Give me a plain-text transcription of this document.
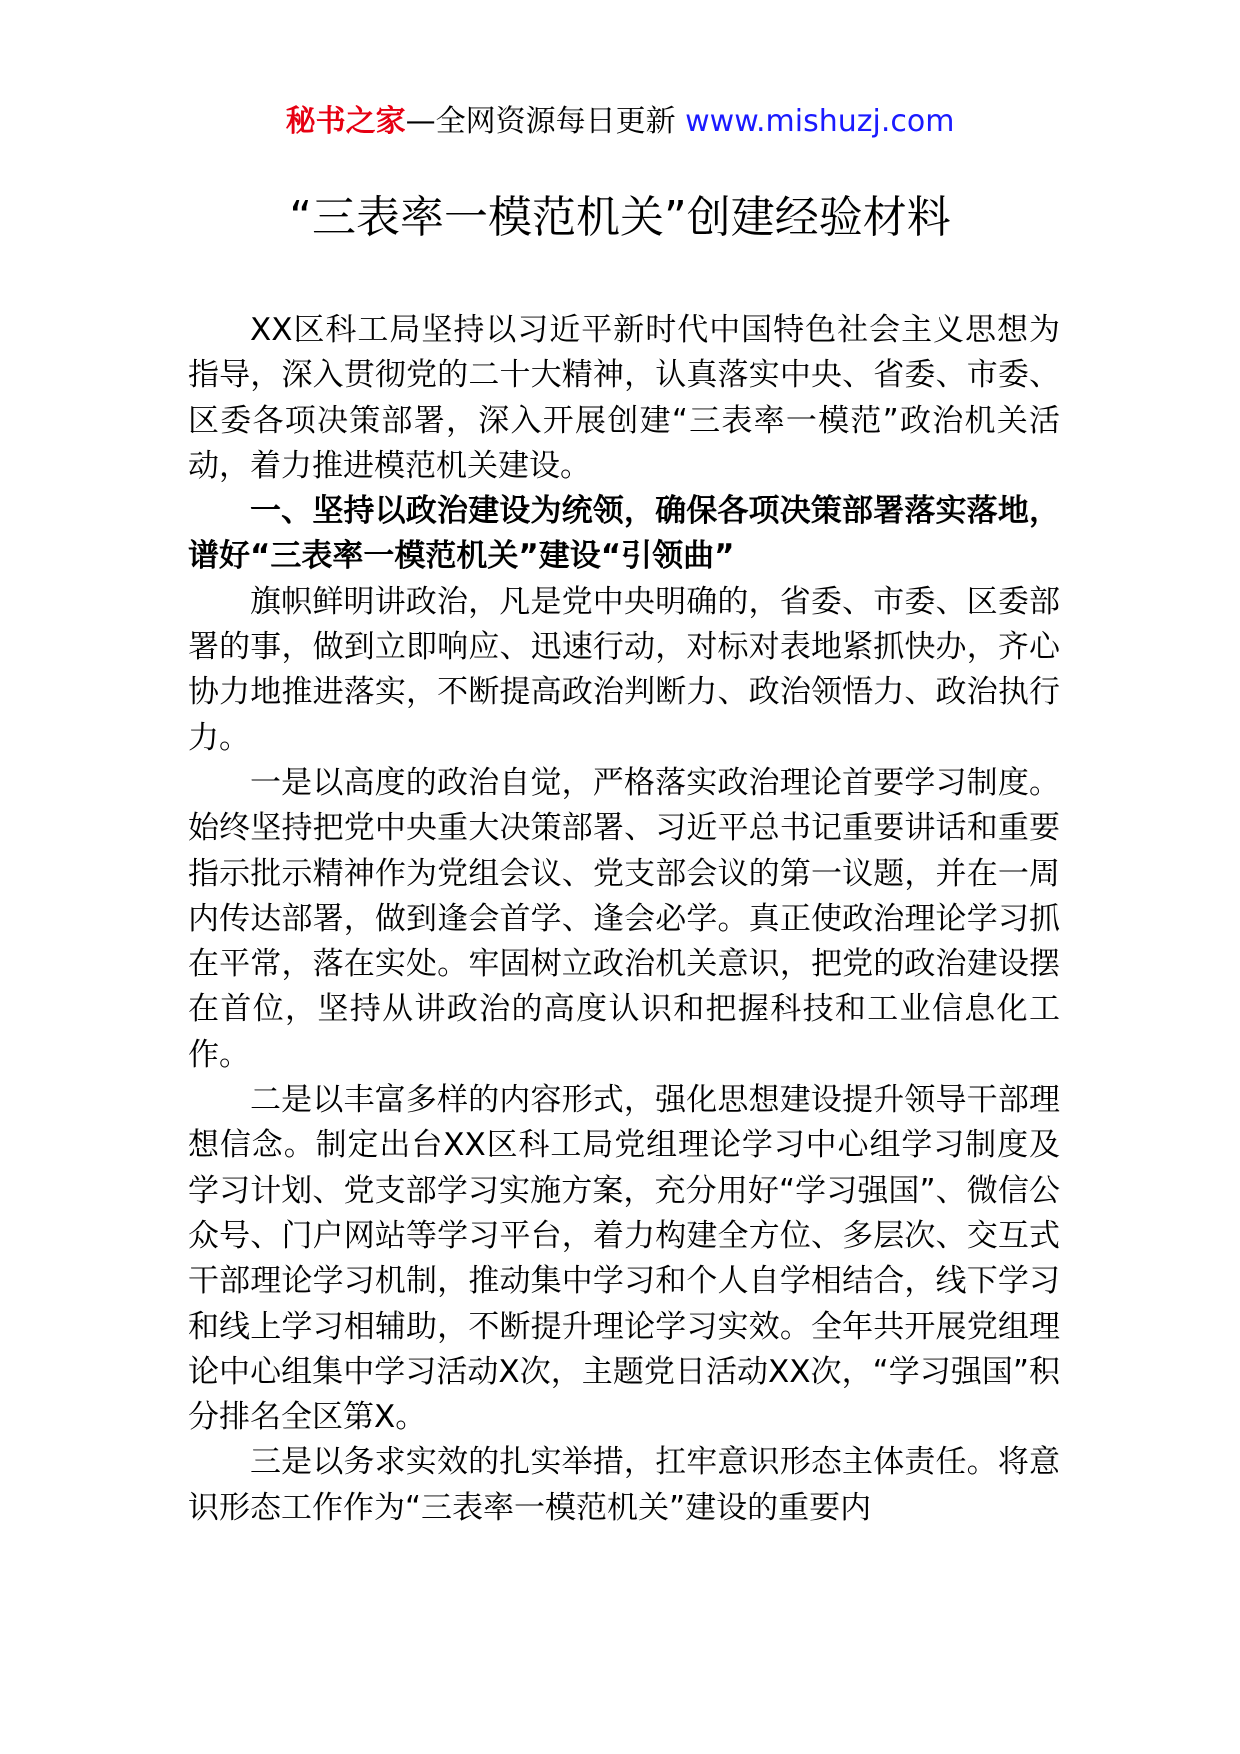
秘书之家—全网资源每日更新 www.mishuzj.com
“三表率一模范机关”创建经验材料

XX区科工局坚持以习近平新时代中国特色社会主义思想为指导，深入贯彻党的二十大精神，认真落实中央、省委、市委、区委各项决策部署，深入开展创建“三表率一模范”政治机关活动，着力推进模范机关建设。

一、坚持以政治建设为统领，确保各项决策部署落实落地，谱好“三表率一模范机关”建设“引领曲”

旗帜鲜明讲政治，凡是党中央明确的，省委、市委、区委部署的事，做到立即响应、迅速行动，对标对表地紧抓快办，齐心协力地推进落实，不断提高政治判断力、政治领悟力、政治执行力。

一是以高度的政治自觉，严格落实政治理论首要学习制度。始终坚持把党中央重大决策部署、习近平总书记重要讲话和重要指示批示精神作为党组会议、党支部会议的第一议题，并在一周内传达部署，做到逢会首学、逢会必学。真正使政治理论学习抓在平常，落在实处。牢固树立政治机关意识，把党的政治建设摆在首位，坚持从讲政治的高度认识和把握科技和工业信息化工作。

二是以丰富多样的内容形式，强化思想建设提升领导干部理想信念。制定出台XX区科工局党组理论学习中心组学习制度及学习计划、党支部学习实施方案，充分用好“学习强国”、微信公众号、门户网站等学习平台，着力构建全方位、多层次、交互式干部理论学习机制，推动集中学习和个人自学相结合，线下学习和线上学习相辅助，不断提升理论学习实效。全年共开展党组理论中心组集中学习活动X次，主题党日活动XX次，“学习强国”积分排名全区第X。

三是以务求实效的扎实举措，扛牢意识形态主体责任。将意识形态工作作为“三表率一模范机关”建设的重要内
